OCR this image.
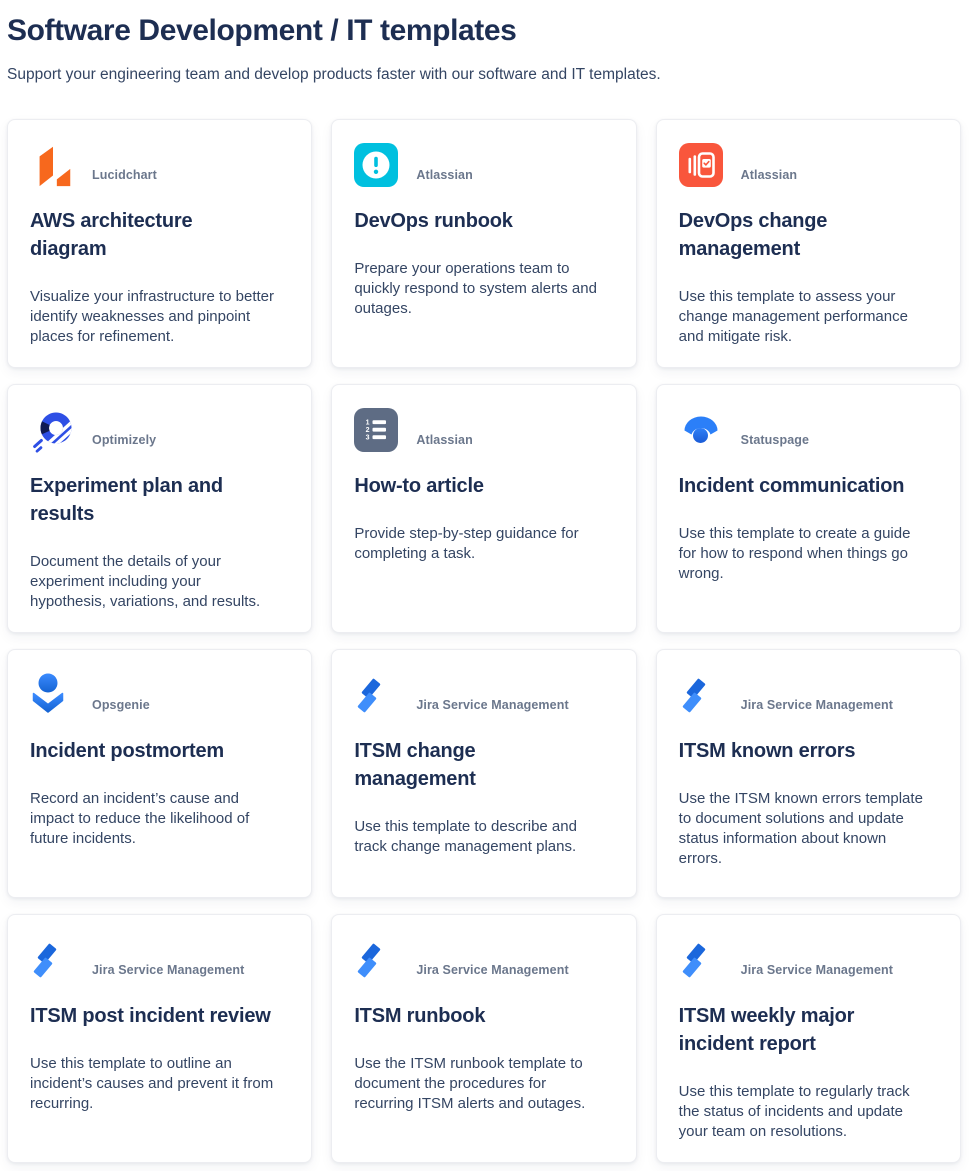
Software Development / IT templates

Support your engineering team and develop products faster with our software and IT templates.

Lucidchart
AWS architecture diagram
Visualize your infrastructure to better identify weaknesses and pinpoint places for refinement.
Atlassian
DevOps runbook
Prepare your operations team to quickly respond to system alerts and outages.
Atlassian
DevOps change management
Use this template to assess your change management performance and mitigate risk.
Optimizely
Experiment plan and results
Document the details of your experiment including your hypothesis, variations, and results.
1
2
3	Atlassian
How-to article
Provide step-by-step guidance for completing a task.
Statuspage
Incident communication
Use this template to create a guide for how to respond when things go wrong.
Opsgenie
Incident postmortem
Record an incident’s cause and impact to reduce the likelihood of future incidents.
Jira Service Management
ITSM change management
Use this template to describe and track change management plans.
Jira Service Management
ITSM known errors
Use the ITSM known errors template to document solutions and update status information about known errors.
Jira Service Management
ITSM post incident review
Use this template to outline an incident’s causes and prevent it from recurring.
Jira Service Management
ITSM runbook
Use the ITSM runbook template to document the procedures for recurring ITSM alerts and outages.
Jira Service Management
ITSM weekly major incident report
Use this template to regularly track the status of incidents and update your team on resolutions.
